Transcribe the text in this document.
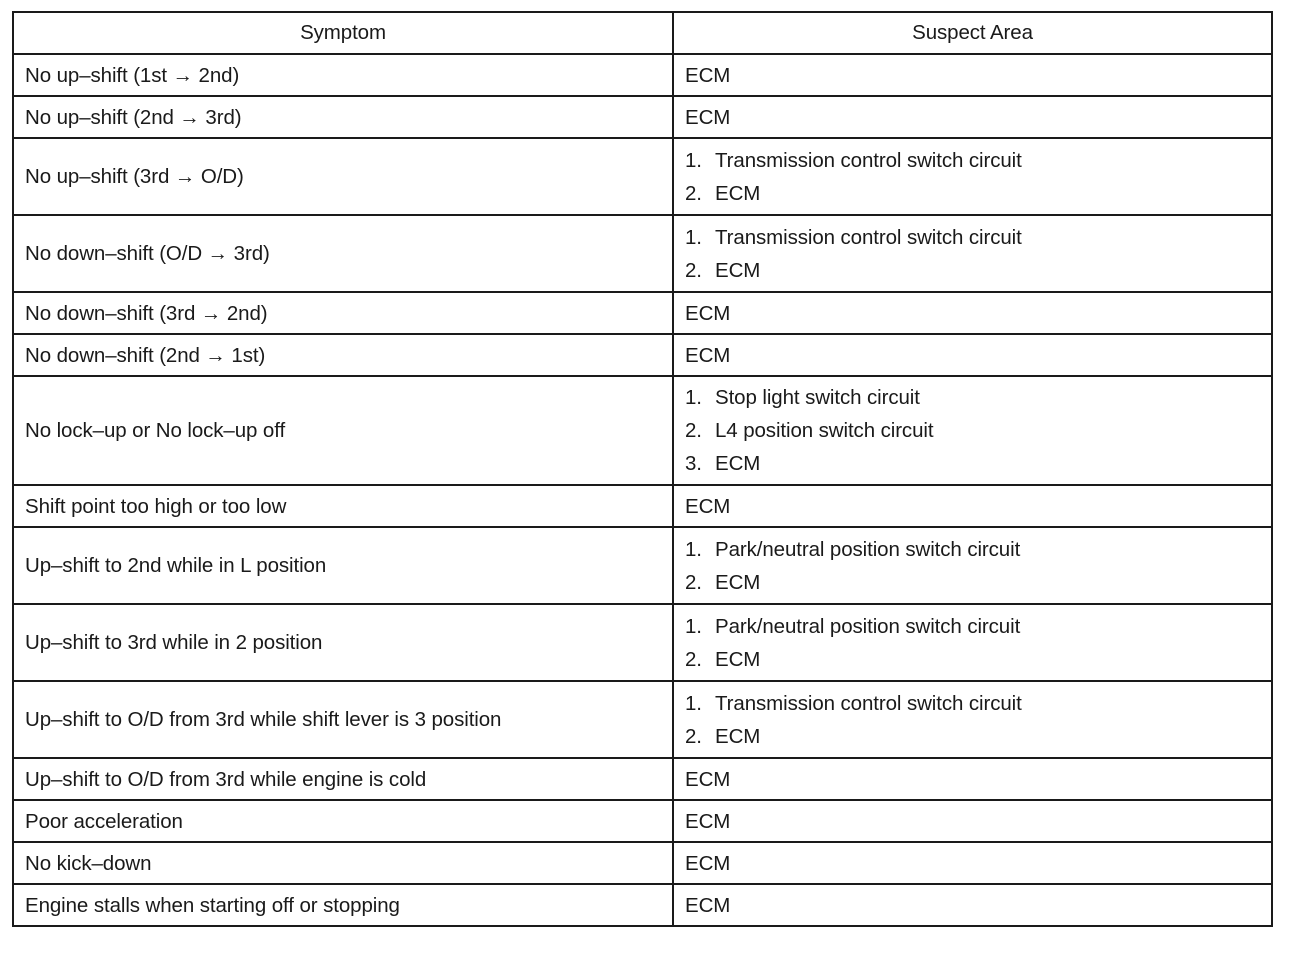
Symptom	Suspect Area
No up–shift (1st → 2nd)	ECM
No up–shift (2nd → 3rd)	ECM
No up–shift (3rd → O/D)	1. Transmission control switch circuit
2. ECM

No down–shift (O/D → 3rd)	1. Transmission control switch circuit
2. ECM

No down–shift (3rd → 2nd)	ECM
No down–shift (2nd → 1st)	ECM
No lock–up or No lock–up off	1. Stop light switch circuit
2. L4 position switch circuit
3. ECM

Shift point too high or too low	ECM
Up–shift to 2nd while in L position	1. Park/neutral position switch circuit
2. ECM

Up–shift to 3rd while in 2 position	1. Park/neutral position switch circuit
2. ECM

Up–shift to O/D from 3rd while shift lever is 3 position	1. Transmission control switch circuit
2. ECM

Up–shift to O/D from 3rd while engine is cold	ECM
Poor acceleration	ECM
No kick–down	ECM
Engine stalls when starting off or stopping	ECM
